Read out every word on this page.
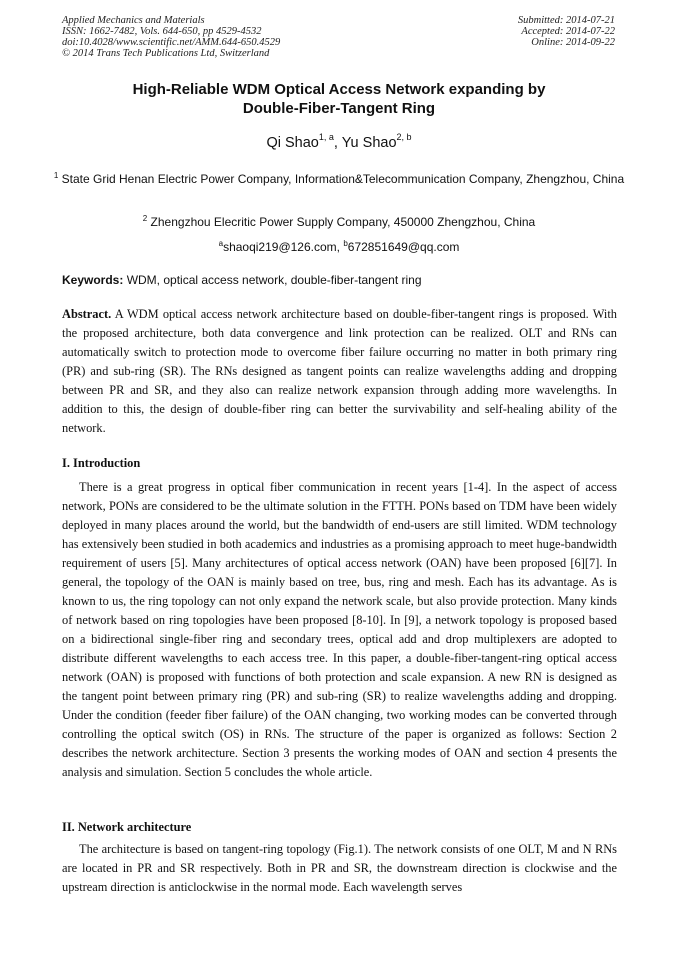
Applied Mechanics and Materials
ISSN: 1662-7482, Vols. 644-650, pp 4529-4532
doi:10.4028/www.scientific.net/AMM.644-650.4529
© 2014 Trans Tech Publications Ltd, Switzerland
Submitted: 2014-07-21
Accepted: 2014-07-22
Online: 2014-09-22
High-Reliable WDM Optical Access Network expanding by
Double-Fiber-Tangent Ring
Qi Shao$^{1, a}$, Yu Shao$^{2, b}$
$^1$ State Grid Henan Electric Power Company, Information&Telecommunication Company, Zhengzhou, China
$^2$ Zhengzhou Elecritic Power Supply Company, 450000 Zhengzhou, China
$^a$shaoqi219@126.com, $^b$672851649@qq.com
Keywords: WDM, optical access network, double-fiber-tangent ring
Abstract. A WDM optical access network architecture based on double-fiber-tangent rings is proposed. With the proposed architecture, both data convergence and link protection can be realized. OLT and RNs can automatically switch to protection mode to overcome fiber failure occurring no matter in both primary ring (PR) and sub-ring (SR). The RNs designed as tangent points can realize wavelengths adding and dropping between PR and SR, and they also can realize network expansion through adding more wavelengths. In addition to this, the design of double-fiber ring can better the survivability and self-healing ability of the network.
I. Introduction
There is a great progress in optical fiber communication in recent years [1-4]. In the aspect of access network, PONs are considered to be the ultimate solution in the FTTH. PONs based on TDM have been widely deployed in many places around the world, but the bandwidth of end-users are still limited. WDM technology has extensively been studied in both academics and industries as a promising approach to meet huge-bandwidth requirement of users [5]. Many architectures of optical access network (OAN) have been proposed [6][7]. In general, the topology of the OAN is mainly based on tree, bus, ring and mesh. Each has its advantage. As is known to us, the ring topology can not only expand the network scale, but also provide protection. Many kinds of network based on ring topologies have been proposed [8-10]. In [9], a network topology is proposed based on a bidirectional single-fiber ring and secondary trees, optical add and drop multiplexers are adopted to distribute different wavelengths to each access tree. In this paper, a double-fiber-tangent-ring optical access network (OAN) is proposed with functions of both protection and scale expansion. A new RN is designed as the tangent point between primary ring (PR) and sub-ring (SR) to realize wavelengths adding and dropping. Under the condition (feeder fiber failure) of the OAN changing, two working modes can be converted through controlling the optical switch (OS) in RNs. The structure of the paper is organized as follows: Section 2 describes the network architecture. Section 3 presents the working modes of OAN and section 4 presents the analysis and simulation. Section 5 concludes the whole article.
II. Network architecture
The architecture is based on tangent-ring topology (Fig.1). The network consists of one OLT, M and N RNs are located in PR and SR respectively. Both in PR and SR, the downstream direction is clockwise and the upstream direction is anticlockwise in the normal mode. Each wavelength serves
